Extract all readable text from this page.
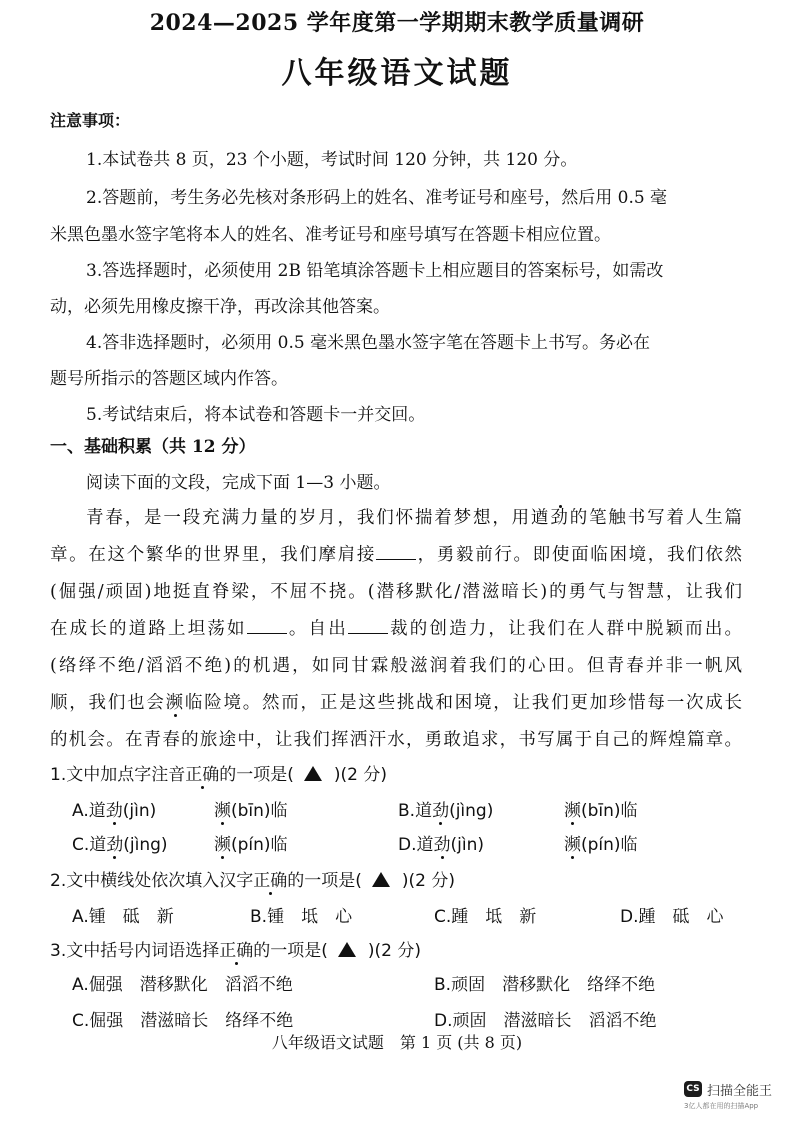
2024—2025 学年度第一学期期末教学质量调研
八年级语文试题
注意事项：
1.本试卷共 8 页，23 个小题，考试时间 120 分钟，共 120 分。
2.答题前，考生务必先核对条形码上的姓名、准考证号和座号，然后用 0.5 毫
米黑色墨水签字笔将本人的姓名、准考证号和座号填写在答题卡相应位置。
3.答选择题时，必须使用 2B 铅笔填涂答题卡上相应题目的答案标号，如需改
动，必须先用橡皮擦干净，再改涂其他答案。
4.答非选择题时，必须用 0.5 毫米黑色墨水签字笔在答题卡上书写。务必在
题号所指示的答题区域内作答。
5.考试结束后，将本试卷和答题卡一并交回。
一、基础积累（共 12 分）
阅读下面的文段，完成下面 1—3 小题。

青春，是一段充满力量的岁月，我们怀揣着梦想，用遒劲的笔触书写着人生篇

章。在这个繁华的世界里，我们摩肩接 ，勇毅前行。即使面临困境，我们依然

(倔强/顽固)地挺直脊梁，不屈不挠。(潜移默化/潜滋暗长)的勇气与智慧，让我们

在成长的道路上坦荡如 。自出 裁的创造力，让我们在人群中脱颖而出。

(络绎不绝/滔滔不绝)的机遇，如同甘霖般滋润着我们的心田。但青春并非一帆风

顺，我们也会濒临险境。然而，正是这些挑战和困境，让我们更加珍惜每一次成长

的机会。在青春的旅途中，让我们挥洒汗水，勇敢追求，书写属于自己的辉煌篇章。

1.文中加点字注音正确的一项是( )(2 分)
A.道劲(jìn)	濒(bīn)临	B.道劲(jìng)	濒(bīn)临
C.道劲(jìng)	濒(pín)临	D.道劲(jìn)	濒(pín)临
2.文中横线处依次填入汉字正确的一项是( )(2 分)
A.锺　砥　新	B.锺　坻　心	C.踵　坻　新	D.踵　砥　心
3.文中括号内词语选择正确的一项是( )(2 分)
A.倔强　潜移默化　滔滔不绝	B.顽固　潜移默化　络绎不绝
C.倔强　潜滋暗长　络绎不绝	D.顽固　潜滋暗长　滔滔不绝
八年级语文试题　第 1 页 (共 8 页)
CS 扫描全能王
3亿人都在用的扫描App
